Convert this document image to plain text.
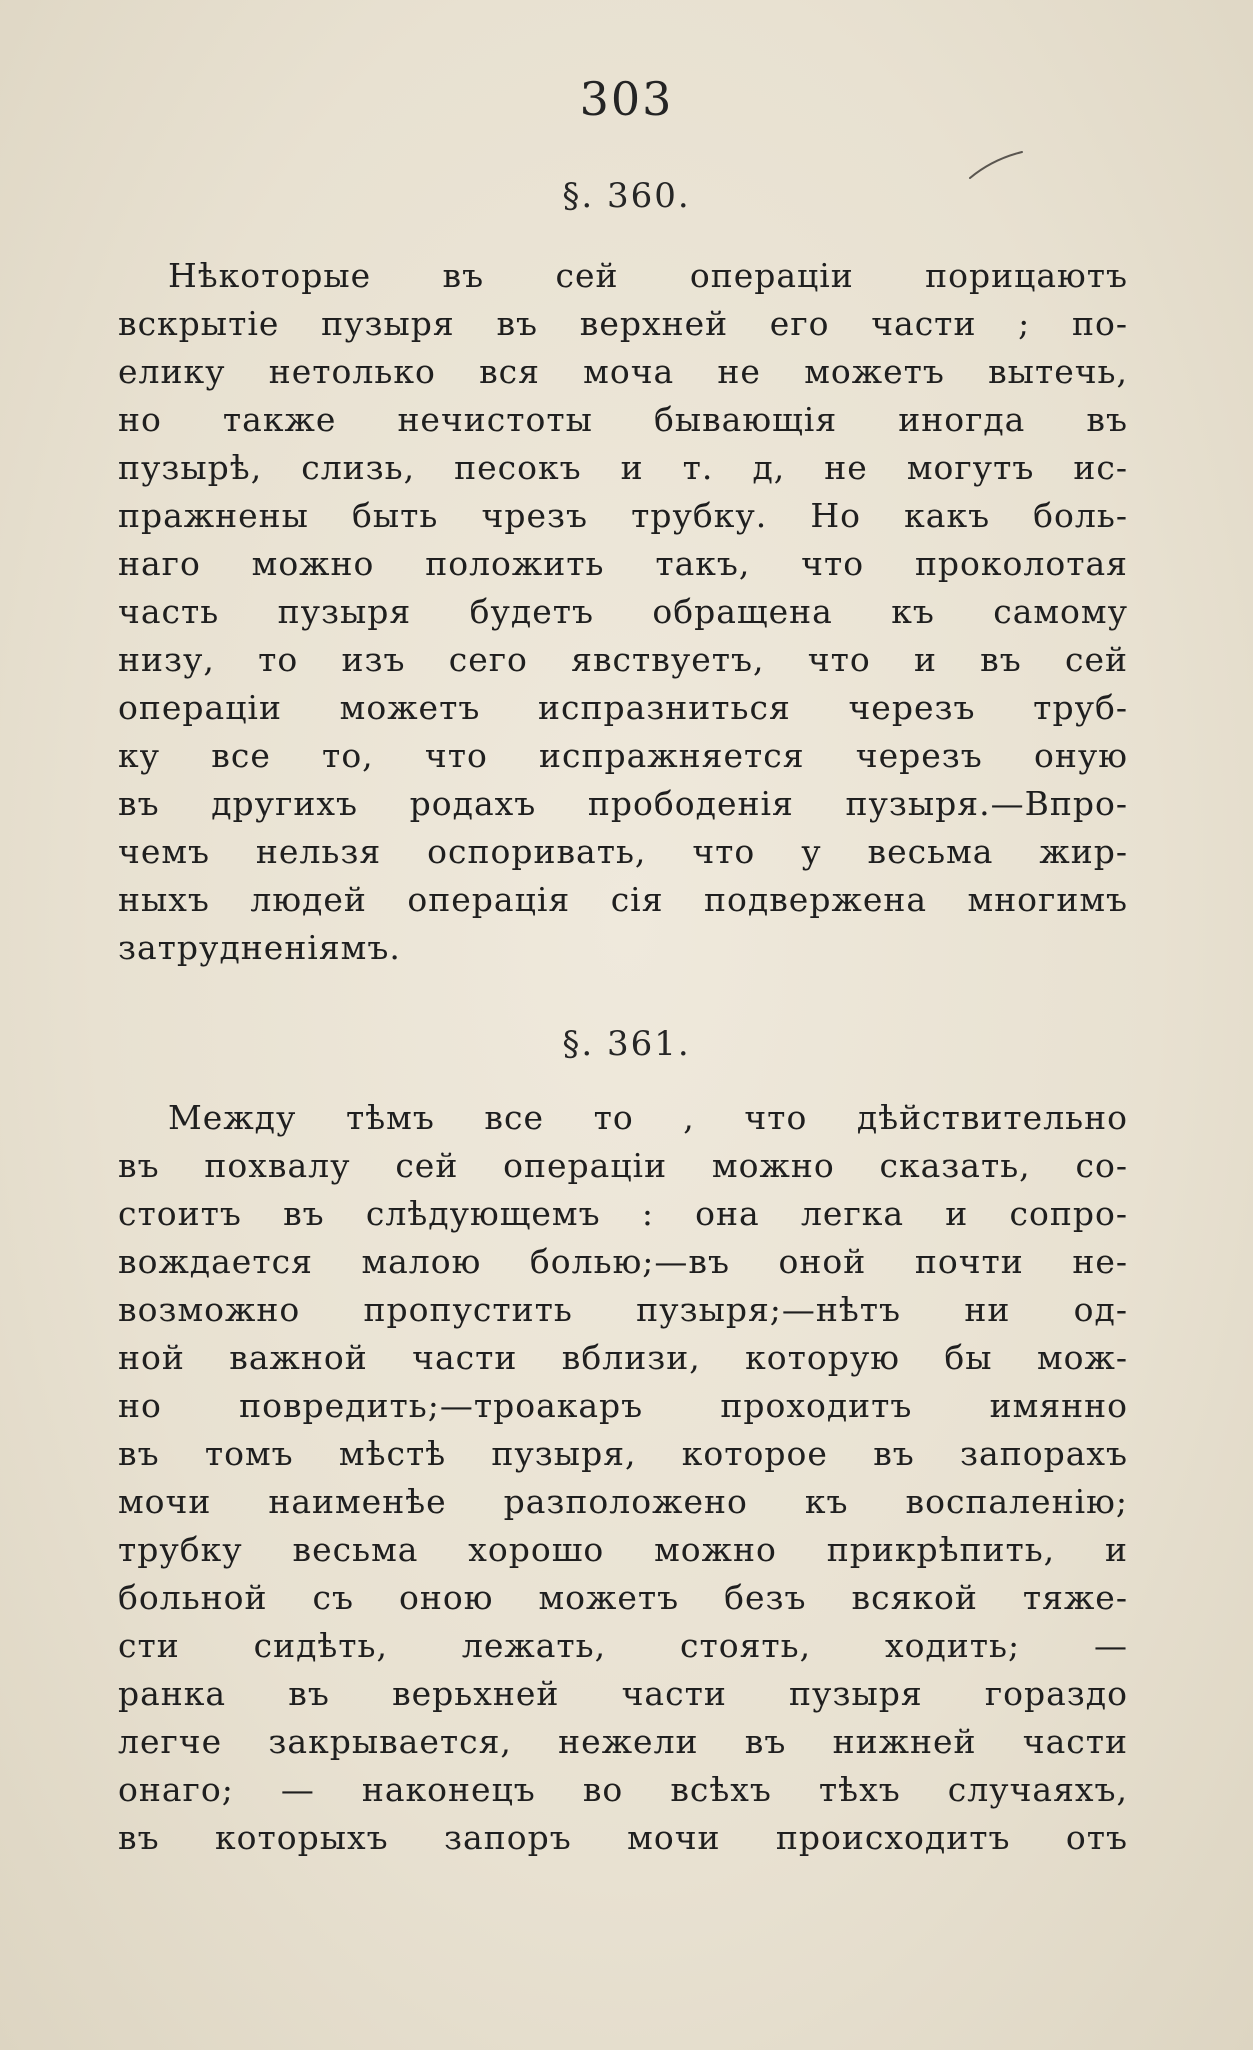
303
§. 360.
Нѣкоторые въ сей операціи порицаютъ
вскрытіе пузыря въ верхней его части ; по-
елику нетолько вся моча не можетъ вытечь,
но также нечистоты бывающія иногда въ
пузырѣ, слизь, песокъ и т. д, не могутъ ис-
пражнены быть чрезъ трубку. Но какъ боль-
наго можно положить такъ, что проколотая
часть пузыря будетъ обращена къ самому
низу, то изъ сего явствуетъ, что и въ сей
операціи можетъ испразниться черезъ труб-
ку все то, что испражняется черезъ оную
въ другихъ родахъ прободенія пузыря.—Впро-
чемъ нельзя оспоривать, что у весьма жир-
ныхъ людей операція сія подвержена многимъ
затрудненіямъ.
§. 361.
Между тѣмъ все то , что дѣйствительно
въ похвалу сей операціи можно сказать, со-
стоитъ въ слѣдующемъ : она легка и сопро-
вождается малою болью;—въ оной почти не-
возможно пропустить пузыря;—нѣтъ ни од-
ной важной части вблизи, которую бы мож-
но повредить;—троакаръ проходитъ имянно
въ томъ мѣстѣ пузыря, которое въ запорахъ
мочи наименѣе разположено къ воспаленію;
трубку весьма хорошо можно прикрѣпить, и
больной съ оною можетъ безъ всякой тяже-
сти сидѣть, лежать, стоять, ходить; —
ранка въ верьхней части пузыря гораздо
легче закрывается, нежели въ нижней части
онаго; — наконецъ во всѣхъ тѣхъ случаяхъ,
въ которыхъ запоръ мочи происходитъ отъ
